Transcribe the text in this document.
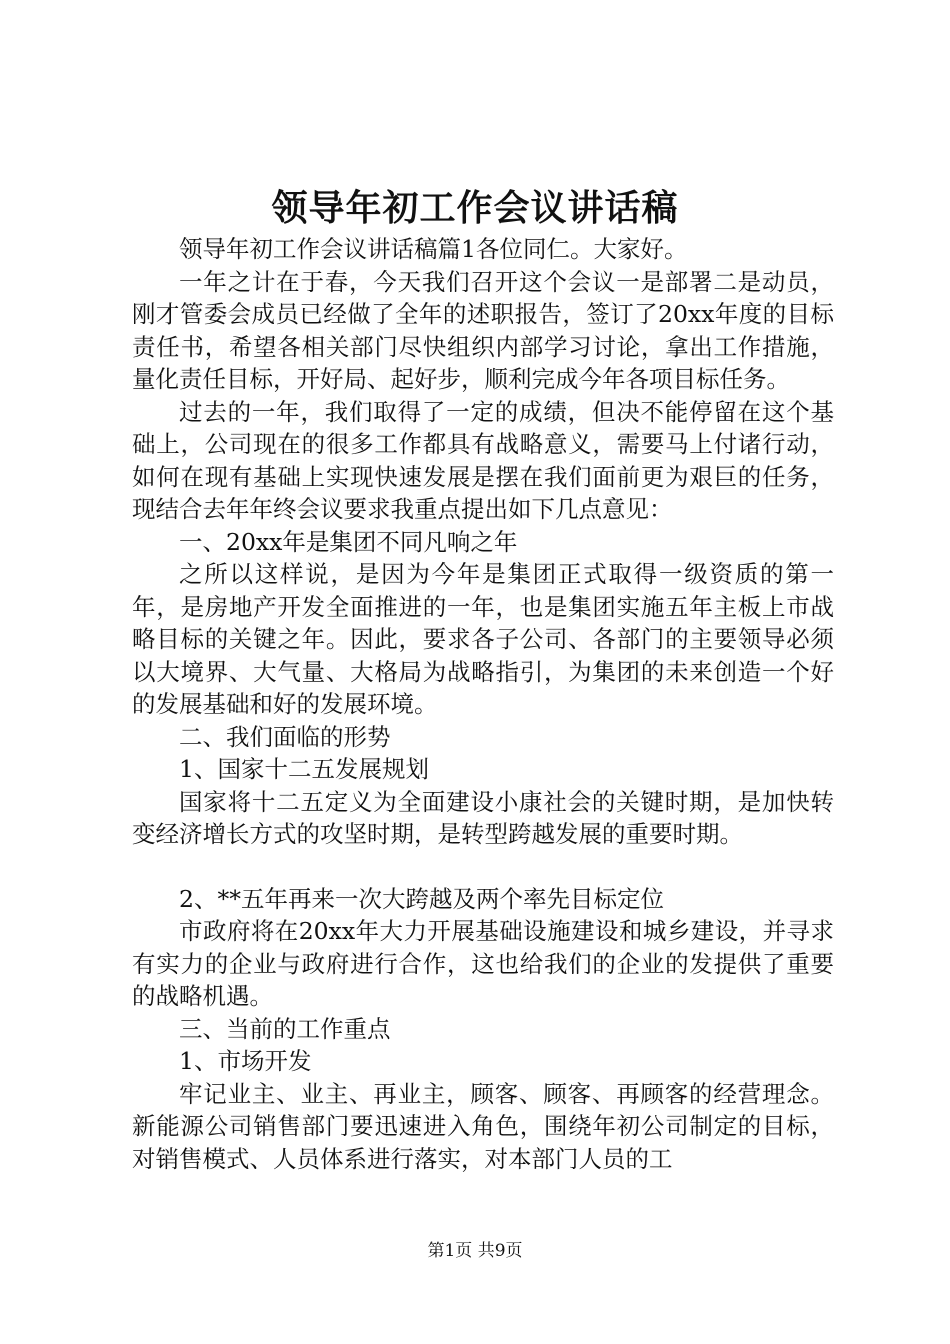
领导年初工作会议讲话稿

领导年初工作会议讲话稿篇1各位同仁。大家好。

一年之计在于春，今天我们召开这个会议一是部署二是动员，刚才管委会成员已经做了全年的述职报告，签订了20xx年度的目标责任书，希望各相关部门尽快组织内部学习讨论，拿出工作措施，量化责任目标，开好局、起好步，顺利完成今年各项目标任务。

过去的一年，我们取得了一定的成绩，但决不能停留在这个基础上，公司现在的很多工作都具有战略意义，需要马上付诸行动，如何在现有基础上实现快速发展是摆在我们面前更为艰巨的任务，现结合去年年终会议要求我重点提出如下几点意见：

一、20xx年是集团不同凡响之年

之所以这样说，是因为今年是集团正式取得一级资质的第一年，是房地产开发全面推进的一年，也是集团实施五年主板上市战略目标的关键之年。因此，要求各子公司、各部门的主要领导必须以大境界、大气量、大格局为战略指引，为集团的未来创造一个好的发展基础和好的发展环境。

二、我们面临的形势

1、国家十二五发展规划

国家将十二五定义为全面建设小康社会的关键时期，是加快转变经济增长方式的攻坚时期，是转型跨越发展的重要时期。

2、**五年再来一次大跨越及两个率先目标定位

市政府将在20xx年大力开展基础设施建设和城乡建设，并寻求有实力的企业与政府进行合作，这也给我们的企业的发提供了重要的战略机遇。

三、当前的工作重点

1、市场开发

牢记业主、业主、再业主，顾客、顾客、再顾客的经营理念。新能源公司销售部门要迅速进入角色，围绕年初公司制定的目标，对销售模式、人员体系进行落实，对本部门人员的工

第1页 共9页
